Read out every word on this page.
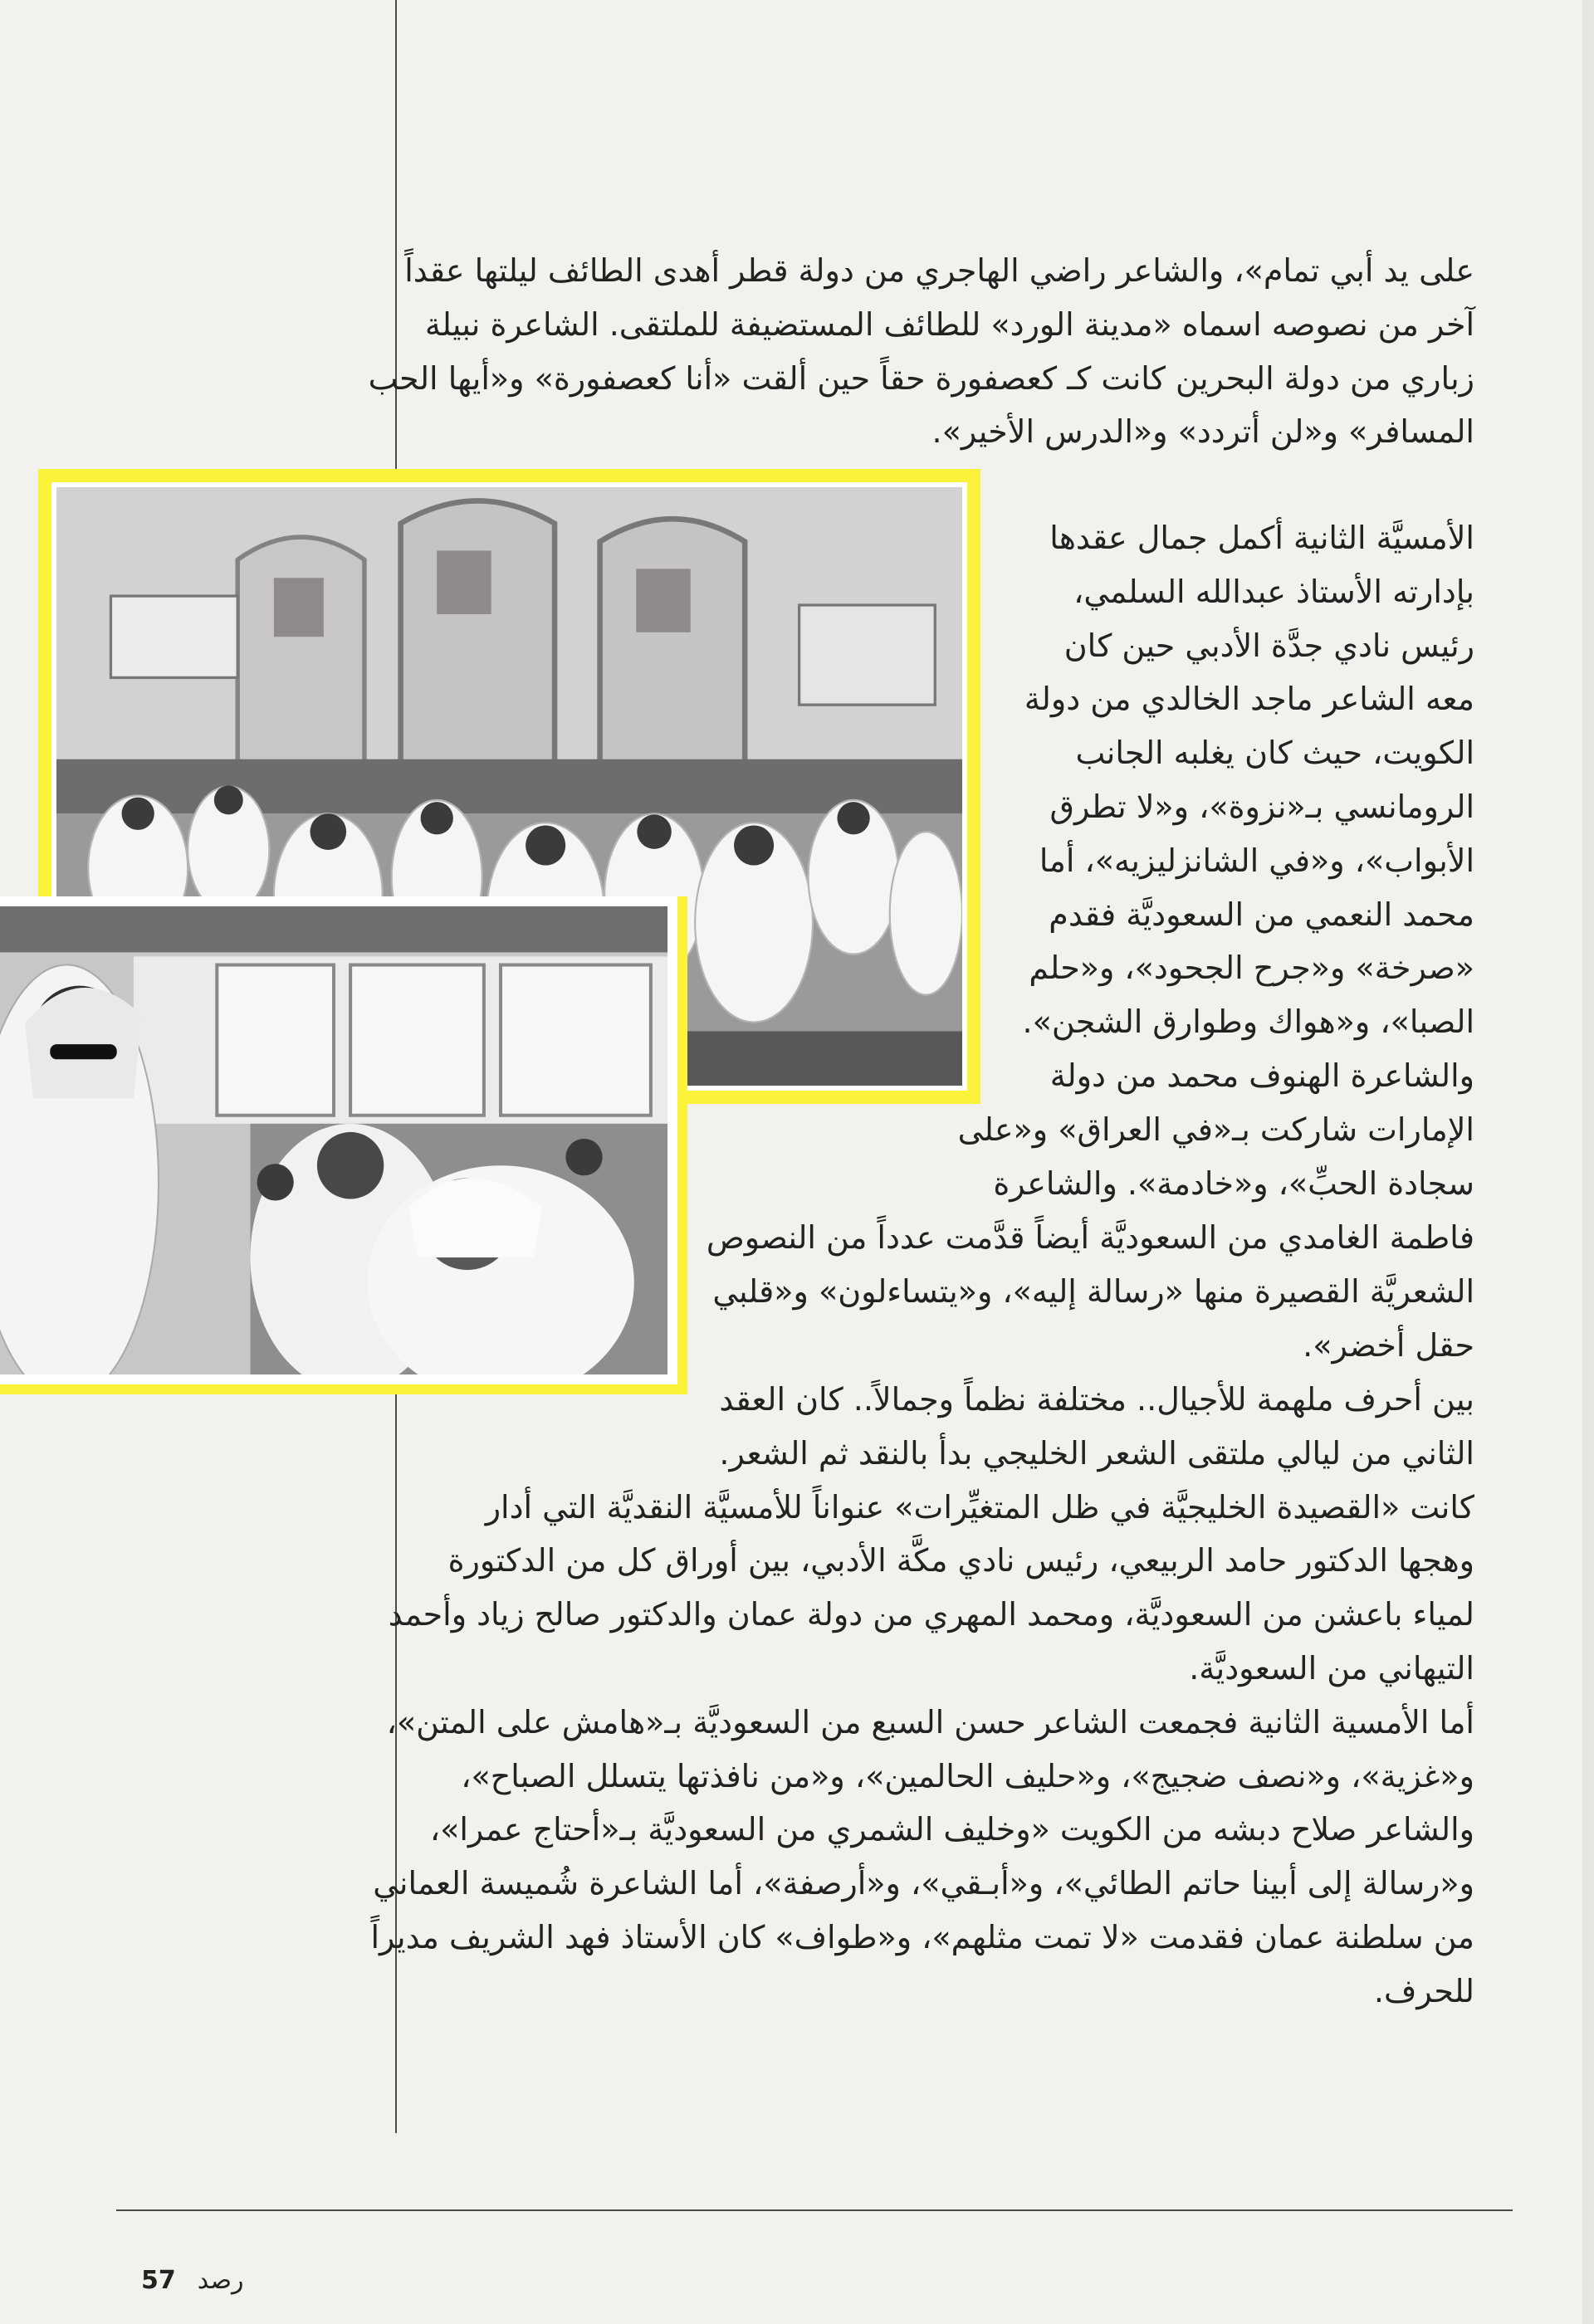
على يد أبي تمام»، والشاعر راضي الهاجري من دولة قطر أهدى الطائف ليلتها عقداً

آخر من نصوصه اسماه «مدينة الورد» للطائف المستضيفة للملتقى. الشاعرة نبيلة

زباري من دولة البحرين كانت كـ كعصفورة حقاً حين ألقت «أنا كعصفورة» و«أيها الحب

المسافر» و«لن أتردد» و«الدرس الأخير».

الأمسيَّة الثانية أكمل جمال عقدها

بإدارته الأستاذ عبدالله السلمي،

رئيس نادي جدَّة الأدبي حين كان

معه الشاعر ماجد الخالدي من دولة

الكويت، حيث كان يغلبه الجانب

الرومانسي بـ«نزوة»، و«لا تطرق

الأبواب»، و«في الشانزليزيه»، أما

محمد النعمي من السعوديَّة فقدم

«صرخة» و«جرح الجحود»، و«حلم

الصبا»، و«هواك وطوارق الشجن».

والشاعرة الهنوف محمد من دولة

الإمارات شاركت بـ«في العراق» و«على

سجادة الحبِّ»، و«خادمة». والشاعرة

فاطمة الغامدي من السعوديَّة أيضاً قدَّمت عدداً من النصوص

الشعريَّة القصيرة منها «رسالة إليه»، و«يتساءلون» و«قلبي

حقل أخضر».

بين أحرف ملهمة للأجيال.. مختلفة نظماً وجمالاً.. كان العقد

الثاني من ليالي ملتقى الشعر الخليجي بدأ بالنقد ثم الشعر.

كانت «القصيدة الخليجيَّة في ظل المتغيِّرات» عنواناً للأمسيَّة النقديَّة التي أدار

وهجها الدكتور حامد الربيعي، رئيس نادي مكَّة الأدبي، بين أوراق كل من الدكتورة

لمياء باعشن من السعوديَّة، ومحمد المهري من دولة عمان والدكتور صالح زياد وأحمد

التيهاني من السعوديَّة.

أما الأمسية الثانية فجمعت الشاعر حسن السبع من السعوديَّة بـ«هامش على المتن»،

و«غزية»، و«نصف ضجيج»، و«حليف الحالمين»، و«من نافذتها يتسلل الصباح»،

والشاعر صلاح دبشه من الكويت «وخليف الشمري من السعوديَّة بـ«أحتاج عمرا»،

و«رسالة إلى أبينا حاتم الطائي»، و«أبـقي»، و«أرصفة»، أما الشاعرة شُميسة العماني

من سلطنة عمان فقدمت «لا تمت مثلهم»، و«طواف» كان الأستاذ فهد الشريف مديراً

للحرف.

57 رصد
